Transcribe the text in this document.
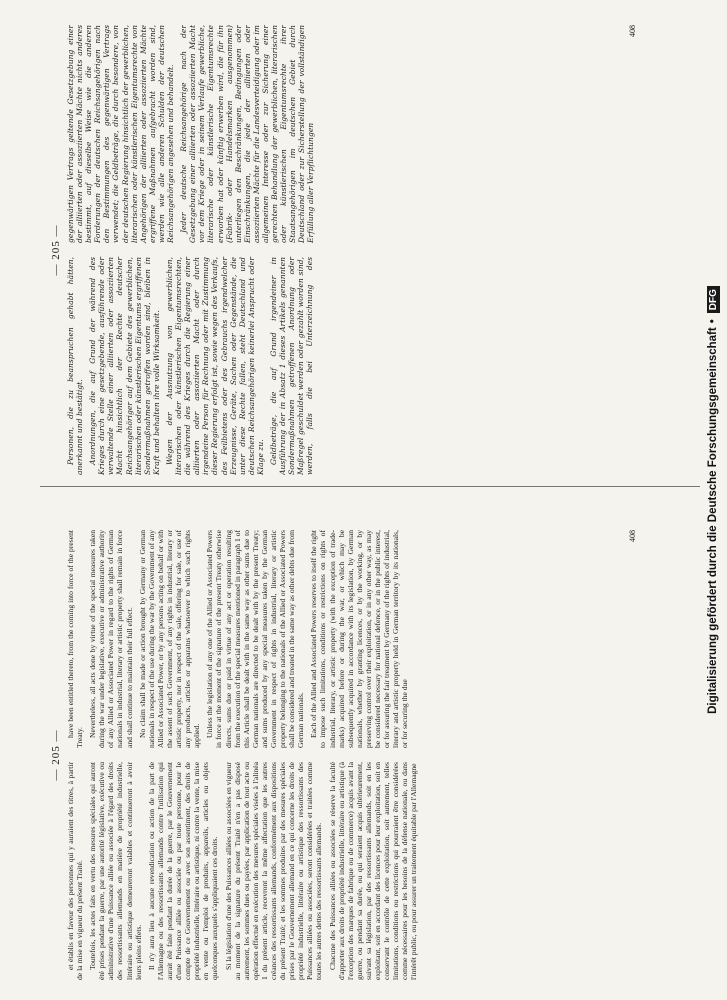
— 205 —

et établis en faveur des personnes qui y auraient des titres, à partir de la mise en vigueur du présent Traité. Toutefois, les actes faits en vertu des mesures spéciales qui auront été prises pendant la guerre, par une autorité législative, exécutive ou administrative d'une Puissance alliée ou associée à l'égard des droits des ressortissants allemands en matière de propriété industrielle, littéraire ou artistique demeureront valables et continueront à avoir leurs pleins effets. Il n'y aura lieu à aucune revendication ou action de la part de l'Allemagne ou des ressortissants allemands contre l'utilisation qui aurait été faite pendant la durée de la guerre, par le Gouvernement d'une Puissance alliée ou associée ou par toute personne, pour le compte de ce Gouvernement ou avec son assentiment, des droits de propriété industrielle, littéraire ou artistique, ni contre la vente, la mise en vente ou l'emploi de produits, appareils, articles ou objets quelconques auxquels s'appliquaient ces droits. Si la législation d'une des Puissances alliées ou associées en vigueur au moment de la signature du présent Traité n'en a pas disposé autrement, les sommes dues ou payées, par application de tout acte ou opération effectué en exécution des mesures spéciales visées à l'alinéa 1 du présent article, recevront la même affectation que les autres créances des ressortissants allemands, conformément aux dispositions du présent Traité; et les sommes produites par des mesures spéciales prises par le Gouvernement allemand en ce qui concerne les droits de propriété industrielle, littéraire ou artistique des ressortissants des Puissances alliées ou associées, seront considérées et traitées comme toutes les autres dettes des ressortissants allemands. Chacune des Puissances alliées ou associées se réserve la faculté d'apporter aux droits de propriété industrielle, littéraire ou artistique (à l'exception des marques de fabrique ou de commerce) acquis avant la guerre, ou pendant sa durée, ou qui seraient acquis ultérieurement, suivant sa législation, par des ressortissants allemands, soit en les exploitant, soit en accordant des licences pour leur exploitation, soit en conservant le contrôle de cette exploitation, soit autrement, telles limitations, conditions ou restrictions qui pourraient être considérées comme nécessaires pour les besoins de la défense nationale, ou dans l'intérêt public, ou pour assurer un traitement équitable par l'Allemagne

have been entitled thereto, from the coming into force of the present Treaty. Nevertheless, all acts done by virtue of the special measures taken during the war under legislative, executive or administrative authority of any Allied or Associated Power in regard to the rights of German nationals in industrial, literary or artistic property shall remain in force and shall continue to maintain their full effect. No claim shall be made or action brought by Germany or German nationals in respect of the use during the war by the Government of any Allied or Associated Power, or by any persons acting on behalf or with the assent of such Government, of any rights in industrial, literary or artistic property, nor in respect of the sale, offering for sale, or use of any products, articles or apparatus whatsoever to which such rights applied. Unless the legislation of any one of the Allied or Associated Powers in force at the moment of the signature of the present Treaty otherwise directs, sums due or paid in virtue of any act or operation resulting from the execution of the special measures mentioned in paragraph 1 of this Article shall be dealt with in the same way as other sums due to German nationals are directed to be dealt with by the present Treaty; and sums produced by any special measures taken by the German Government in respect of rights in industrial, literary or artistic property belonging to the nationals of the Allied or Associated Powers shall be considered and treated in the same way as other debts due from German nationals. Each of the Allied and Associated Powers reserves to itself the right to impose such limitations, conditions or restrictions on rights of industrial, literary, or artistic property (with the exception of trade-marks) acquired before or during the war, or which may be subsequently acquired in accordance with its legislation, by German nationals, whether by granting licences, or by the working, or by preserving control over their exploitation, or in any other way, as may be considered necessary for national defence, or in the public interest, or for assuring the fair treatment by Germany of the rights of industrial, literary and artistic property held in German territory by its nationals, or for securing the due

408
— 205 —

Personen, die zu beanspruchen gehabt hätten, anerkannt und bestätigt. Anordnungen, die auf Grund der während des Krieges durch eine gesetzgebende, ausführende oder verwaltende Stelle einer alliierten oder assoziierten Macht hinsichtlich der Rechte deutscher Reichsangehöriger auf dem Gebiete des gewerblichen, literarischen oder künstlerischen Eigentums ergriffenen Sondermaßnahmen getroffen worden sind, bleiben in Kraft und behalten ihre volle Wirksamkeit. Wegen der Ausnutzung von gewerblichen, literarischen oder künstlerischen Eigentumsrechten, die während des Krieges durch die Regierung einer alliierten oder assoziierten Macht oder durch irgendeine Person für Rechnung oder mit Zustimmung dieser Regierung erfolgt ist, sowie wegen des Verkaufs, des Feilbietens oder des Gebrauchs irgendwelcher Erzeugnisse, Geräte, Sachen oder Gegenstände, die unter diese Rechte fallen, steht Deutschland und deutschen Reichsangehörigen keinerlei Ansprucht oder Klage zu. Geldbeträge, die auf Grund irgendeiner in Ausführung der in Absatz 1 dieses Artikels genannten Sondermaßnahmen getroffenen Anordnung oder Maßregel geschuldet werden oder gezahlt worden sind, werden, falls die bei Unterzeichnung des gegenwärtigen Vertrags geltende Gesetzgebung einer der alliierten oder assoziierten Mächte nichts anderes bestimmt, auf dieselbe Weise wie die anderen Forderungen der deutschen Reichsangehörigen nach den Bestimmungen des gegenwärtigen Vertrags verwendet; die Geldbeträge, die durch besondere, von der deutschen Regierung hinsichtlich der gewerblichen, literarischen oder künstlerischen Eigentumsrechte von Angehörigen der alliierten oder assoziierten Mächte ergriffene Maßnahmen aufgebracht worden sind, werden wie alle anderen Schulden der deutschen Reichsangehörigen angesehen und behandelt. Jeder deutsche Reichsangehörige nach der Gesetzgebung einer alliierten oder assoziierten Macht vor dem Kriege oder in seinem Verlaufe gewerbliche, literarische oder künstlerische Eigentumsrechte erworben hat oder künftig erwerben wird, die für ihn (Fabrik- oder Handelsmarken ausgenommen) unterliegen den Beschränkungen, Bedingungen oder Einschränkungen, die jede der alliierten oder assoziierten Mächte für die Landesverteidigung oder im allgemeinen Interesse oder zur Sicherung einer gerechten Behandlung der gewerblichen, literarischen oder künstlerischen Eigentumsrechte ihrer Staatsangehörigen im deutschen Gebiet durch Deutschland oder zur Sicherstellung der vollständigen Erfüllung aller Verpflichtungen

408
Digitalisierung gefördert durch die Deutsche Forschungsgemeinschaft
•
DFG
